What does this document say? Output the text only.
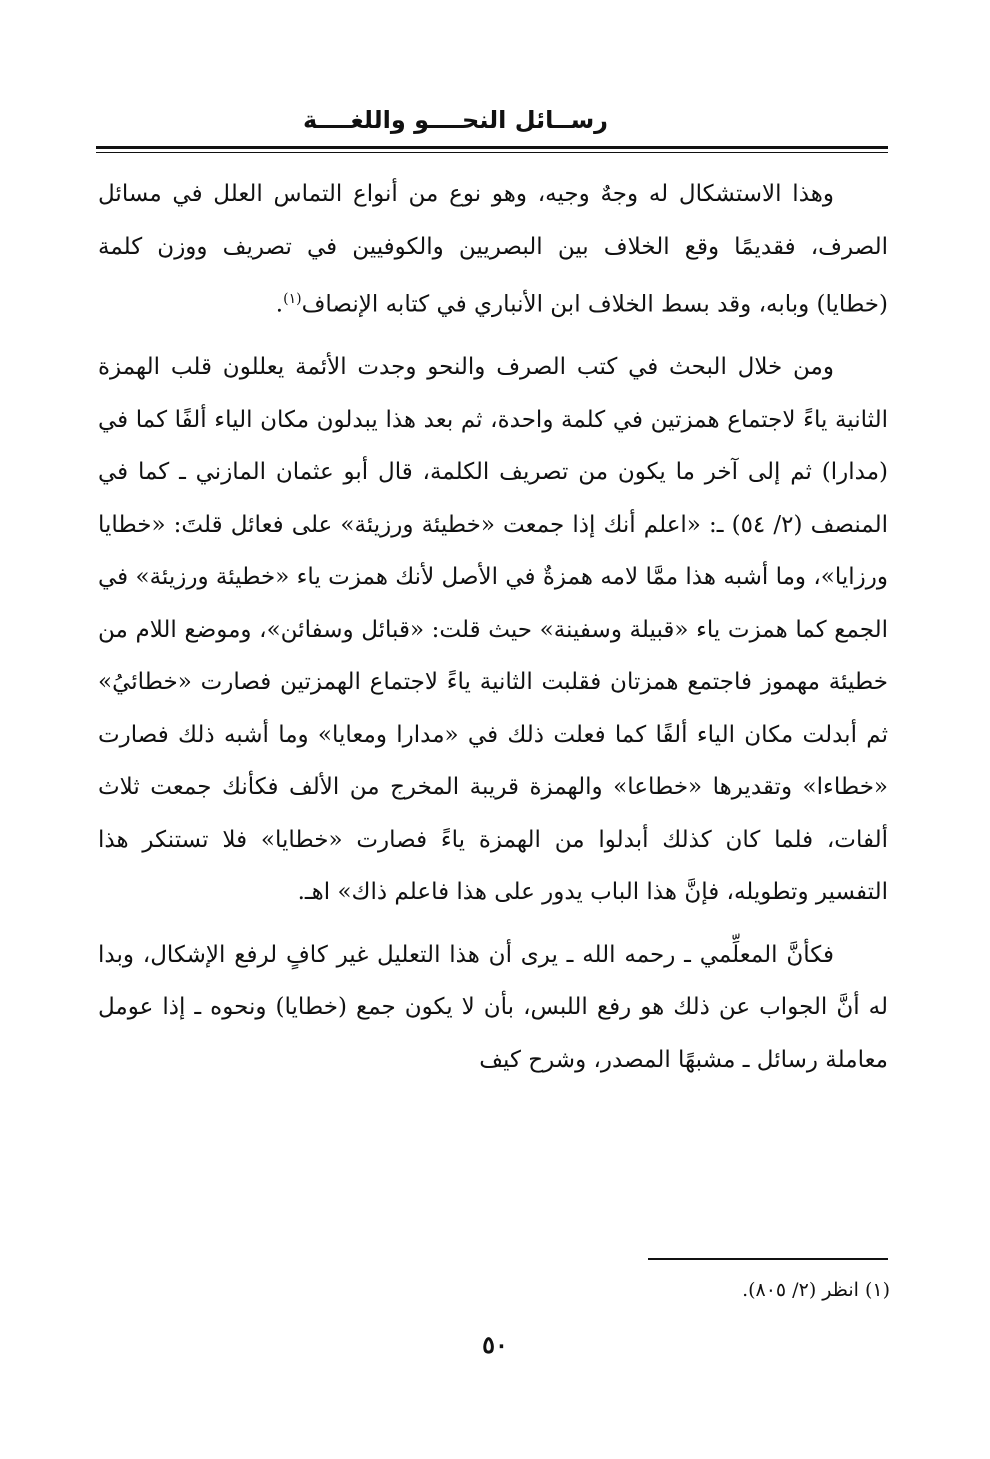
رســائل النحــــو واللغــــة

وهذا الاستشكال له وجهٌ وجيه، وهو نوع من أنواع التماس العلل في مسائل الصرف، فقديمًا وقع الخلاف بين البصريين والكوفيين في تصريف ووزن كلمة (خطايا) وبابه، وقد بسط الخلاف ابن الأنباري في كتابه الإنصاف$^{(١)}$.

ومن خلال البحث في كتب الصرف والنحو وجدت الأئمة يعللون قلب الهمزة الثانية ياءً لاجتماع همزتين في كلمة واحدة، ثم بعد هذا يبدلون مكان الياء ألفًا كما في (مدارا) ثم إلى آخر ما يكون من تصريف الكلمة، قال أبو عثمان المازني ـ كما في المنصف (٢/ ٥٤) ـ: «اعلم أنك إذا جمعت «خطيئة ورزيئة» على فعائل قلتَ: «خطايا ورزايا»، وما أشبه هذا ممَّا لامه همزةٌ في الأصل لأنك همزت ياء «خطيئة ورزيئة» في الجمع كما همزت ياء «قبيلة وسفينة» حيث قلت: «قبائل وسفائن»، وموضع اللام من خطيئة مهموز فاجتمع همزتان فقلبت الثانية ياءً لاجتماع الهمزتين فصارت «خطائيُ» ثم أبدلت مكان الياء ألفًا كما فعلت ذلك في «مدارا ومعايا» وما أشبه ذلك فصارت «خطاءا» وتقديرها «خطاعا» والهمزة قريبة المخرج من الألف فكأنك جمعت ثلاث ألفات، فلما كان كذلك أبدلوا من الهمزة ياءً فصارت «خطايا» فلا تستنكر هذا التفسير وتطويله، فإنَّ هذا الباب يدور على هذا فاعلم ذاك» اهـ.

فكأنَّ المعلِّمي ـ رحمه الله ـ يرى أن هذا التعليل غير كافٍ لرفع الإشكال، وبدا له أنَّ الجواب عن ذلك هو رفع اللبس، بأن لا يكون جمع (خطايا) ونحوه ـ إذا عومل معاملة رسائل ـ مشبهًا المصدر، وشرح كيف

(١) انظر (٢/ ٨٠٥).
٥٠
